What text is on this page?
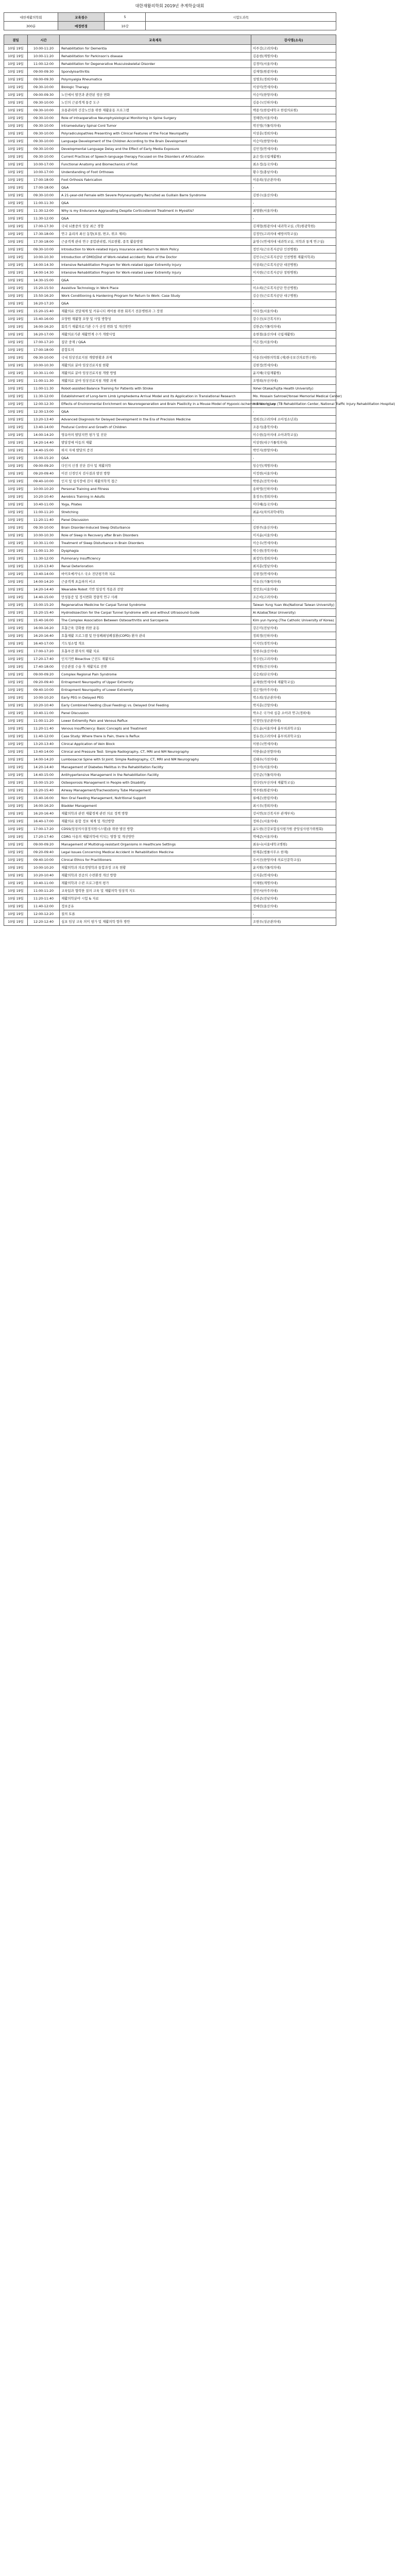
대한재활의학회 2019년 추계학술대회
대한재활의학회	교육점수	5	시험도과목
300분	예정변경	10강	
결일	시간	교육제목	강사명(소속)
10월 19일	10:00-11:20	Rehabilitation for Dementia	이주강(고려의대)
10월 19일	10:00-11:20	Rehabilitation for Parkinson's disease	김용현(계명의대)
10월 19일	11:00-12:00	Rehabilitation for Degenerative Musculoskeletal Disorder	김경미(서울의대)
10월 19일	09:00-09:30	Spondyloarthritis	김재형(원광의대)
10월 19일	09:00-09:30	Polymyalgia Rheumatica	성명호(경희의대)
10월 19일	09:30-10:00	Biologic Therapy	이상미(연세의대)
10월 19일	09:00-09:30	노인에서 발견과 관련된 생산 변화	이승미(한양의대)
10월 19일	09:30-10:00	노인의 근골격계 통증 도구	김용수(인하의대)
10월 19일	09:30-10:00	요통관리와 건강노인을 위한 재활운동 프로그램	백종석(한림대학교 한림의료원)
10월 19일	09:30-10:00	Role of Intraoperative Neurophysiological Monitoring in Spine Surgery	정해란(서울의대)
10월 19일	09:30-10:00	Intramedullary Spinal Cord Tumor	박진영(가톨릭의대)
10월 19일	09:30-10:00	Polyradiculopathies Presenting with Clinical Features of the Focal Neuropathy	이상훈(경희의대)
10월 19일	09:30-10:00	Language Development of the Children According to the Brain Development	이승미(한양의대)
10월 19일	09:30-10:00	Developmental Language Delay and the Effect of Early Media Exposure	김민정(연세의대)
10월 19일	09:30-10:00	Current Practices of Speech-language therapy Focused on the Disorders of Articulation	윤은정(국립재활원)
10월 19일	10:00-17:00	Functional Anatomy and Biomechanics of Foot	최소정(동국의대)
10월 19일	10:00-17:00	Understanding of Foot Orthoses	황수정(충남의대)
10월 19일	17:00-18:00	Foot Orthosis Fabrication	이용희(성균관의대)
10월 19일	17:00-18:00	Q&A	-
10월 19일	09:30-10:00	A 21-year-old Female with Severe Polyneuropathy Recruited as Guillain Barre Syndrome	김현수(울산의대)
10월 19일	11:00-11:30	Q&A	-
10월 19일	11:30-12:00	Why is my Endurance Aggravating Despite Corticosteroid Treatment in Myositis?	최영환(서울의대)
10월 19일	11:30-12:00	Q&A	-
10월 19일	17:00-17:30	국내 뇌졸중의 임상 최근 경향	김재형(원광의대 내과학교실, (학)원광학원)
10월 19일	17:30-18:00	연구 윤리의 최신 동향(표절, 변조, 위조 제외)	김정민(고려의대 예방의학교실)
10월 19일	17:30-18:00	근골격계 관리 연구 종합관리법, 의료현황, 종목 활용방법	윤영수(연세의대 내과학교실, 의학과 통계 연구실)
10월 19일	09:30-10:00	Introduction to Work-related Injury Insurance and Return to Work Policy	정민지(근로복지공단 인천병원)
10월 19일	10:00-10:30	Introduction of DMO(Dist of Work-related accident): Role of the Doctor	김민수(근로복지공단 인천병원 재활의학과)
10월 19일	14:00-14:30	Intensive Rehabilitation Program for Work-related Upper Extremity Injury	이상희(근로복지공단 대전병원)
10월 19일	14:00-14:30	Intensive Rehabilitation Program for Work-related Lower Extremity Injury	이지현(근로복지공단 창원병원)
10월 19일	14:30-15:00	Q&A	-
10월 19일	15:20-15:50	Assistive Technology in Work Place	이소희(근로복지공단 안산병원)
10월 19일	15:50-16:20	Work Conditioning & Hardening Program for Return to Work: Case Study	김승진(근로복지공단 대구병원)
10월 19일	16:20-17:20	Q&A	-
10월 19일	15:20-15:40	재활의료 전달체계 및 커뮤니티 케어를 위한 회복기 전문병원과 그 장점	이다정(서울의대)
10월 19일	15:40-16:00	요양원 재활형 요양 및 사업 방향성	강수진(보건복지부)
10월 19일	16:00-16:20	회복기 재활의료기관 수가 산정 변화 및 개선방안	김한준(가톨릭의대)
10월 19일	16:20-17:00	재활의료기관 재활연계 수가 개발사업	송현철(울산의대 국립재활원)
10월 19일	17:00-17:20	집단 중재 / Q&A	이은정(서울의대)
10월 19일	17:00-18:00	종합토의	-
10월 19일	09:30-10:00	국내 임상진료지침 개발현황과 과제	이용진(대한의학회 (재)한국보건의료연구원)
10월 19일	10:00-10:30	재활의료 분야 임상진료지침 현황	김현정(연세의대)
10월 19일	10:30-11:00	재활의료 분야 임상진료지침 개발 방법	윤지혜(국립재활원)
10월 19일	11:00-11:30	재활의료 분야 임상진료지침 개발 과제	조명희(부산의대)
10월 19일	11:00-11:30	Robot-assisted Balance Training for Patients with Stroke	Yohei Otaka(Fujita Health University)
10월 19일	11:30-12:00	Establishment of Long-term Limb Lymphedema Arrival Model and its Application in Translational Research	Mo. Hossain Sahrowi(Yonsei Memorial Medical Center)
10월 19일	12:00-12:30	Effects of Environmental Enrichment on Neuroregeneration and Brain Plasticity in a Mouse Model of Hypoxic-ischemic Brain Injury	Hoi Young Lee (TB Rehabilitation Center, National Traffic Injury Rehabilitation Hospital)
10월 19일	12:30-13:00	Q&A	-
10월 19일	13:20-13:40	Advanced Diagnosis for Delayed Development in the Era of Precision Medicine	정희진(고려의대 소아청소년과)
10월 19일	13:40-14:00	Postural Control and Growth of Children	조용석(충북의대)
10월 19일	14:00-14:20	영유아의 발달지연 평가 및 진단	이수현(동아의대 소아과학교실)
10월 19일	14:20-14:40	발달장애 아동의 재활	이상현(대구가톨릭의대)
10월 19일	14:40-15:00	하지 자세 발달의 증진	박민지(한양의대)
10월 19일	15:00-15:20	Q&A	-
10월 19일	09:00-09:20	다인지 신경 진단 검사 및 재활의학	임승민(계명의대)
10월 19일	09:20-09:40	이전 신경인지 검사결과 발전 방향	이정현(서울의대)
10월 19일	09:40-10:00	인지 및 섭식장애 검사 재활의학적 접근	박현준(전북의대)
10월 19일	10:00-10:20	Personal Training and Fitness	송하영(인하의대)
10월 19일	10:20-10:40	Aerobics Training in Adults	홍정우(경희의대)
10월 19일	10:40-11:00	Yoga, Pilates	이다혜(동국의대)
10월 19일	11:00-11:20	Stretching	최윤서(차의과학대학)
10월 19일	11:20-11:40	Panel Discussion	-
10월 19일	09:30-10:00	Brain Disorder-Induced Sleep Disturbance	김현주(울산의대)
10월 19일	10:00-10:30	Role of Sleep in Recovery after Brain Disorders	이지윤(서울의대)
10월 19일	10:30-11:00	Treatment of Sleep Disturbance in Brain Disorders	이승우(연세의대)
10월 19일	11:00-11:30	Dysphagia	박수현(경북의대)
10월 19일	11:30-12:00	Pulmonary Insufficiency	최정민(경희의대)
10월 19일	13:20-13:40	Renal Deterioration	최지훈(영남의대)
10월 19일	13:40-14:00	바이오메카닉스 국소 진단평가와 치료	김현정(연세의대)
10월 19일	14:00-14:20	근골격계 초음파의 비교	이유진(가톨릭의대)
10월 19일	14:20-14:40	Wearable Robot 기반 임상적 적용과 전망	정민호(서울의대)
10월 19일	14:40-15:00	만성통증 및 정서변화 정량적 연구 사례	조은비(고려의대)
10월 19일	15:00-15:20	Regenerative Medicine for Carpal Tunnel Syndrome	Taiwan Yung Yuan Wu(National Taiwan University)
10월 19일	15:20-15:40	Hydrodissection for the Carpal Tunnel Syndrome with and without Ultrasound Guide	Al Azaba(Tokai University)
10월 19일	15:40-16:00	The Complex Association Between Osteoarthritis and Sarcopenia	Kim yun hyong (The Catholic University of Korea)
10월 19일	16:00-16:20	호흡근육 강화를 위한 운동	강은미(전남의대)
10월 19일	16:20-16:40	호흡재활 프로그램 및 만성폐쇄성폐질환(COPD) 환자 관리	정희경(인하의대)
10월 19일	16:40-17:00	기도청소법 개요	이지민(경북의대)
10월 19일	17:00-17:20	호흡부전 환자의 재활 치료	임현우(울산의대)
10월 19일	17:20-17:40	인지기반 Bioactive 근전도 재활치료	정수빈(고려의대)
10월 19일	17:40-18:00	인공관절 수술 후 재활치료 전략	박정원(건국의대)
10월 19일	09:00-09:20	Complex Regional Pain Syndrome	김승희(단국의대)
10월 19일	09:20-09:40	Entrapment Neuropathy of Upper Extremity	윤재현(연세의대 재활학교실)
10월 19일	09:40-10:00	Entrapment Neuropathy of Lower Extremity	김은영(아주의대)
10월 19일	10:00-10:20	Early PEG in Delayed PEG	박소희(성균관의대)
10월 19일	10:20-10:40	Early Combined Feeding (Dual Feeding) vs. Delayed Oral Feeding	박지훈(건양의대)
10월 19일	10:40-11:00	Panel Discussion	박소은 국가대 심층 소아과 연구(경희대)
10월 19일	11:00-11:20	Lower Extremity Pain and Venous Reflux	이정민(성균관의대)
10월 19일	11:20-11:40	Venous Insufficiency: Basic Concepts and Treatment	김도윤(서울의대 흉부외과학교실)
10월 19일	11:40-12:00	Case Study: Where there is Pain, there is Reflux	정유진(고려의대 흉부외과학교실)
10월 19일	13:20-13:40	Clinical Application of Vein Block	이현수(연세의대)
10월 19일	13:40-14:00	Clinical and Pressure Test: Simple Radiography, CT, MRI and NM Neurography	이한솔(순천향의대)
10월 19일	14:00-14:20	Lumbosacral Spine with SI Joint: Simple Radiography, CT, MRI and NM Neurography	김태우(가천의대)
10월 19일	14:20-14:40	Management of Diabetes Mellitus in the Rehabilitation Facility	장수아(서울의대)
10월 19일	14:40-15:00	Antihypertensive Management in the Rehabilitation Facility	김민준(가톨릭의대)
10월 19일	15:00-15:20	Osteoporosis Management in People with Disability	정다빈(부산의대 재활학교실)
10월 19일	15:20-15:40	Airway Management/Tracheostomy Tube Management	박주원(원광의대)
10월 19일	15:40-16:00	Non Oral Feeding Management, Nutritional Support	류예은(한림의대)
10월 19일	16:00-16:20	Bladder Management	최시우(경희의대)
10월 19일	16:20-16:40	재활의학과 관련 재활경제 관련 의료 정책 방향	강서연(보건복지부 관계부처)
10월 19일	16:40-17:00	재활의료 통합 정보 체계 및 개선방향	정하은(서울의대)
10월 19일	17:00-17:20	CDSS(임상의사결정지원시스템)을 위한 발전 방향	윤도현(건강보험심사평가원 중앙심사평가위원회)
10월 19일	17:20-17:40	CDRG 사용의 재활의학에 미치는 영향 및 개선방안	박예준(서울의대)
10월 19일	09:00-09:20	Management of Multidrug-resistant Organisms in Healthcare Settings	최유나(서울대학교병원)
10월 19일	09:20-09:40	Legal Issues Concerning Medical Accident in Rehabilitation Medicine	한재훈(법률사무소 한재)
10월 19일	09:40-10:00	Clinical Ethics for Practitioners	오서진(한양의대 의료인문학교실)
10월 19일	10:00-10:20	재활의학과 의료경영학과 통합과정 교육 현황	윤지원(가톨릭의대)
10월 19일	10:20-10:40	재활의학과 전공의 수련환경 개선 방향	신지훈(연세의대)
10월 19일	10:40-11:00	재활의학과 수련 프로그램의 평가	이채원(계명의대)
10월 19일	11:00-11:20	교육팀과 협력한 질의 교육 및 재활의학 임상적 지도	장민서(아주의대)
10월 19일	11:20-11:40	재활의학분야 시험 & 자료	김하준(전남의대)
10월 19일	11:40-12:00	정보공유	정예린(울산의대)
10월 19일	12:00-12:20	질의 토론	-
10월 19일	12:20-12:40	심포 임상 교육 의미 평가 및 재활의학 향후 방안	조현우(성균관의대)
